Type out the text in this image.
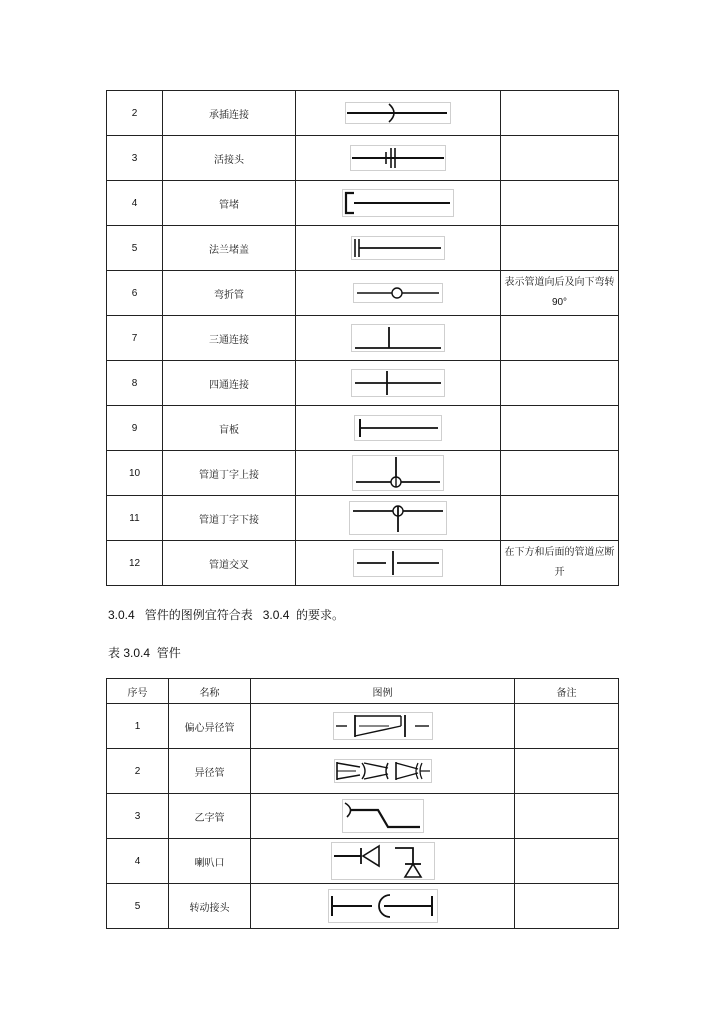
2	承插连接	

3	活接头	

4	管堵	

5	法兰堵盖	

6	弯折管		表示管道向后及向下弯转 90°
7	三通连接	

8	四通连接	

9	盲板	

10	管道丁字上接	

11	管道丁字下接	

12	管道交叉		在下方和后面的管道应断开
3.0.4   管件的图例宜符合表   3.0.4  的要求。
表 3.0.4  管件
序号	名称	图例	备注
1	偏心异径管	

2	异径管	

3	乙字管	

4	喇叭口	

5	转动接头	
